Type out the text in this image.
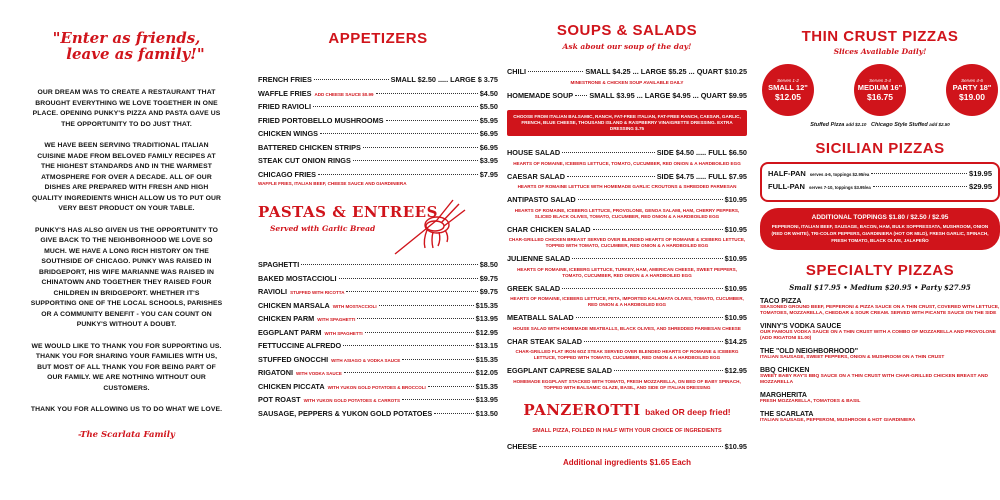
"Enter as friends,
leave as family!"

OUR DREAM WAS TO CREATE A RESTAURANT THAT BROUGHT EVERYTHING WE LOVE TOGETHER IN ONE PLACE. OPENING PUNKY'S PIZZA AND PASTA GAVE US THE OPPORTUNITY TO DO JUST THAT.

WE HAVE BEEN SERVING TRADITIONAL ITALIAN CUISINE MADE FROM BELOVED FAMILY RECIPES AT THE HIGHEST STANDARDS AND IN THE WARMEST ATMOSPHERE FOR OVER A DECADE. ALL OF OUR DISHES ARE PREPARED WITH FRESH AND HIGH QUALITY INGREDIENTS WHICH ALLOW US TO PUT OUR VERY BEST PRODUCT ON YOUR TABLE.

PUNKY'S HAS ALSO GIVEN US THE OPPORTUNITY TO GIVE BACK TO THE NEIGHBORHOOD WE LOVE SO MUCH. WE HAVE A LONG RICH HISTORY ON THE SOUTHSIDE OF CHICAGO. PUNKY WAS RAISED IN BRIDGEPORT, HIS WIFE MARIANNE WAS RAISED IN CHINATOWN AND TOGETHER THEY RAISED FOUR CHILDREN IN BRIDGEPORT. WHETHER IT'S SUPPORTING ONE OF THE LOCAL SCHOOLS, PARISHES OR A COMMUNITY BENEFIT - YOU CAN COUNT ON PUNKY'S WITHOUT A DOUBT.

WE WOULD LIKE TO THANK YOU FOR SUPPORTING US. THANK YOU FOR SHARING YOUR FAMILIES WITH US, BUT MOST OF ALL THANK YOU FOR BEING PART OF OUR FAMILY. WE ARE NOTHING WITHOUT OUR CUSTOMERS.

THANK YOU FOR ALLOWING US TO DO WHAT WE LOVE.

-The Scarlata Family
APPETIZERS
FRENCH FRIES	SMALL $2.50 ..... LARGE $ 3.75
WAFFLE FRIES ADD CHEESE SAUCE $0.99	$4.50
FRIED RAVIOLI	$5.50
FRIED PORTOBELLO MUSHROOMS	$5.95
CHICKEN WINGS	$6.95
BATTERED CHICKEN STRIPS	$6.95
STEAK CUT ONION RINGS	$3.95
CHICAGO FRIES	$7.95
WAFFLE FRIES, ITALIAN BEEF, CHEESE SAUCE AND GIARDINIERA
PASTAS & ENTREES
Served with Garlic Bread
SPAGHETTI	$8.50
BAKED MOSTACCIOLI	$9.75
RAVIOLI STUFFED WITH RICOTTA	$9.75
CHICKEN MARSALA WITH MOSTACCIOLI	$15.35
CHICKEN PARM WITH SPAGHETTI	$13.95
EGGPLANT PARM WITH SPAGHETTI	$12.95
FETTUCCINE ALFREDO	$13.15
STUFFED GNOCCHI WITH ASIAGO & VODKA SAUCE	$15.35
RIGATONI WITH VODKA SAUCE	$12.05
CHICKEN PICCATA WITH YUKON GOLD POTATOES & BROCCOLI	$15.35
POT ROAST WITH YUKON GOLD POTATOES & CARROTS	$13.95
SAUSAGE, PEPPERS & YUKON GOLD POTATOES	$13.50
SOUPS & SALADS
Ask about our soup of the day!
CHILI	SMALL $4.25 ... LARGE $5.25 ... QUART $10.25
MINESTRONE & CHICKEN SOUP AVAILABLE DAILY
HOMEMADE SOUP SMALL $3.95 ... LARGE $4.95 ... QUART $9.95
CHOOSE FROM ITALIAN BALSAMIC, RANCH, FAT-FREE ITALIAN, FAT-FREE RANCH, CAESAR, GARLIC, FRENCH, BLUE CHEESE, THOUSAND ISLAND & RASPBERRY VINAIGRETTE DRESSING. EXTRA DRESSING $.75
HOUSE SALAD	SIDE $4.50 ..... FULL $6.50
HEARTS OF ROMAINE, ICEBERG LETTUCE, TOMATO, CUCUMBER, RED ONION & A HARDBOILED EGG
CAESAR SALAD	SIDE $4.75 ..... FULL $7.95
HEARTS OF ROMAINE LETTUCE WITH HOMEMADE GARLIC CROUTONS & SHREDDED PARMESAN
ANTIPASTO SALAD	$10.95
HEARTS OF ROMAINE, ICEBERG LETTUCE, PROVOLONE, GENOA SALAMI, HAM, CHERRY PEPPERS, SLICED BLACK OLIVES, TOMATO, CUCUMBER, RED ONION & A HARDBOILED EGG
CHAR CHICKEN SALAD	$10.95
CHAR-GRILLED CHICKEN BREAST SERVED OVER BLENDED HEARTS OF ROMAINE & ICEBERG LETTUCE, TOPPED WITH TOMATO, CUCUMBER, RED ONION & A HARDBOILED EGG
JULIENNE SALAD	$10.95
HEARTS OF ROMAINE, ICEBERG LETTUCE, TURKEY, HAM, AMERICAN CHEESE, SWEET PEPPERS, TOMATO, CUCUMBER, RED ONION & A HARDBOILED EGG
GREEK SALAD	$10.95
HEARTS OF ROMAINE, ICEBERG LETTUCE, FETA, IMPORTED KALAMATA OLIVES, TOMATO, CUCUMBER, RED ONION & A HARDBOILED EGG
MEATBALL SALAD	$10.95
HOUSE SALAD WITH HOMEMADE MEATBALLS, BLACK OLIVES, AND SHREDDED PARMESAN CHEESE
CHAR STEAK SALAD	$14.25
CHAR-GRILLED FLAT IRON 6OZ STEAK SERVED OVER BLENDED HEARTS OF ROMAINE & ICEBERG LETTUCE, TOPPED WITH TOMATO, CUCUMBER, RED ONION & A HARDBOILED EGG
EGGPLANT CAPRESE SALAD	$12.95
HOMEMADE EGGPLANT STACKED WITH TOMATO, FRESH MOZZARELLA, ON BED OF BABY SPINACH, TOPPED WITH BALSAMIC GLAZE, BASIL, AND SIDE OF ITALIAN DRESSING
PANZEROTTI baked OR deep fried!
SMALL PIZZA, FOLDED IN HALF WITH YOUR CHOICE OF INGREDIENTS
CHEESE	$10.95
Additional ingredients $1.65 Each
THIN CRUST PIZZAS
Slices Available Daily!
Serves 1-2
SMALL 12"
$12.05
Serves 3-4
MEDIUM 16"
$16.75
Serves 4-6
PARTY 18"
$19.00
Stuffed Pizza add $2.10 Chicago Style Stuffed add $2.50
SICILIAN PIZZAS
HALF-PAN serves 4-6, toppings $2.95/ea	$19.95
FULL-PAN serves 7-10, toppings $3.95/ea	$29.95
ADDITIONAL TOPPINGS $1.80 / $2.50 / $2.95
PEPPERONI, ITALIAN BEEF, SAUSAGE, BACON, HAM, BULK SOPPRESSATA, MUSHROOM, ONION (RED OR WHITE), TRI-COLOR PEPPERS, GIARDINIERA (HOT OR MILD), FRESH GARLIC, SPINACH, FRESH TOMATO, BLACK OLIVE, JALAPEÑO
SPECIALTY PIZZAS
Small $17.95 • Medium $20.95 • Party $27.95
TACO PIZZA
SEASONED GROUND BEEF, PEPPERONI & PIZZA SAUCE ON A THIN CRUST, COVERED WITH LETTUCE, TOMATOES, MOZZARELLA, CHEDDAR & SOUR CREAM. SERVED WITH PICANTE SAUCE ON THE SIDE
VINNY'S VODKA SAUCE
OUR FAMOUS VODKA SAUCE ON A THIN CRUST WITH A COMBO OF MOZZARELLA AND PROVOLONE (ADD RIGATONI $1.00)
THE "OLD NEIGHBORHOOD"
ITALIAN SAUSAGE, SWEET PEPPERS, ONION & MUSHROOM ON A THIN CRUST
BBQ CHICKEN
SWEET BABY RAY'S BBQ SAUCE ON A THIN CRUST WITH CHAR-GRILLED CHICKEN BREAST AND MOZZARELLA
MARGHERITA
FRESH MOZZARELLA, TOMATOES & BASIL
THE SCARLATA
ITALIAN SAUSAGE, PEPPERONI, MUSHROOM & HOT GIARDINIERA
